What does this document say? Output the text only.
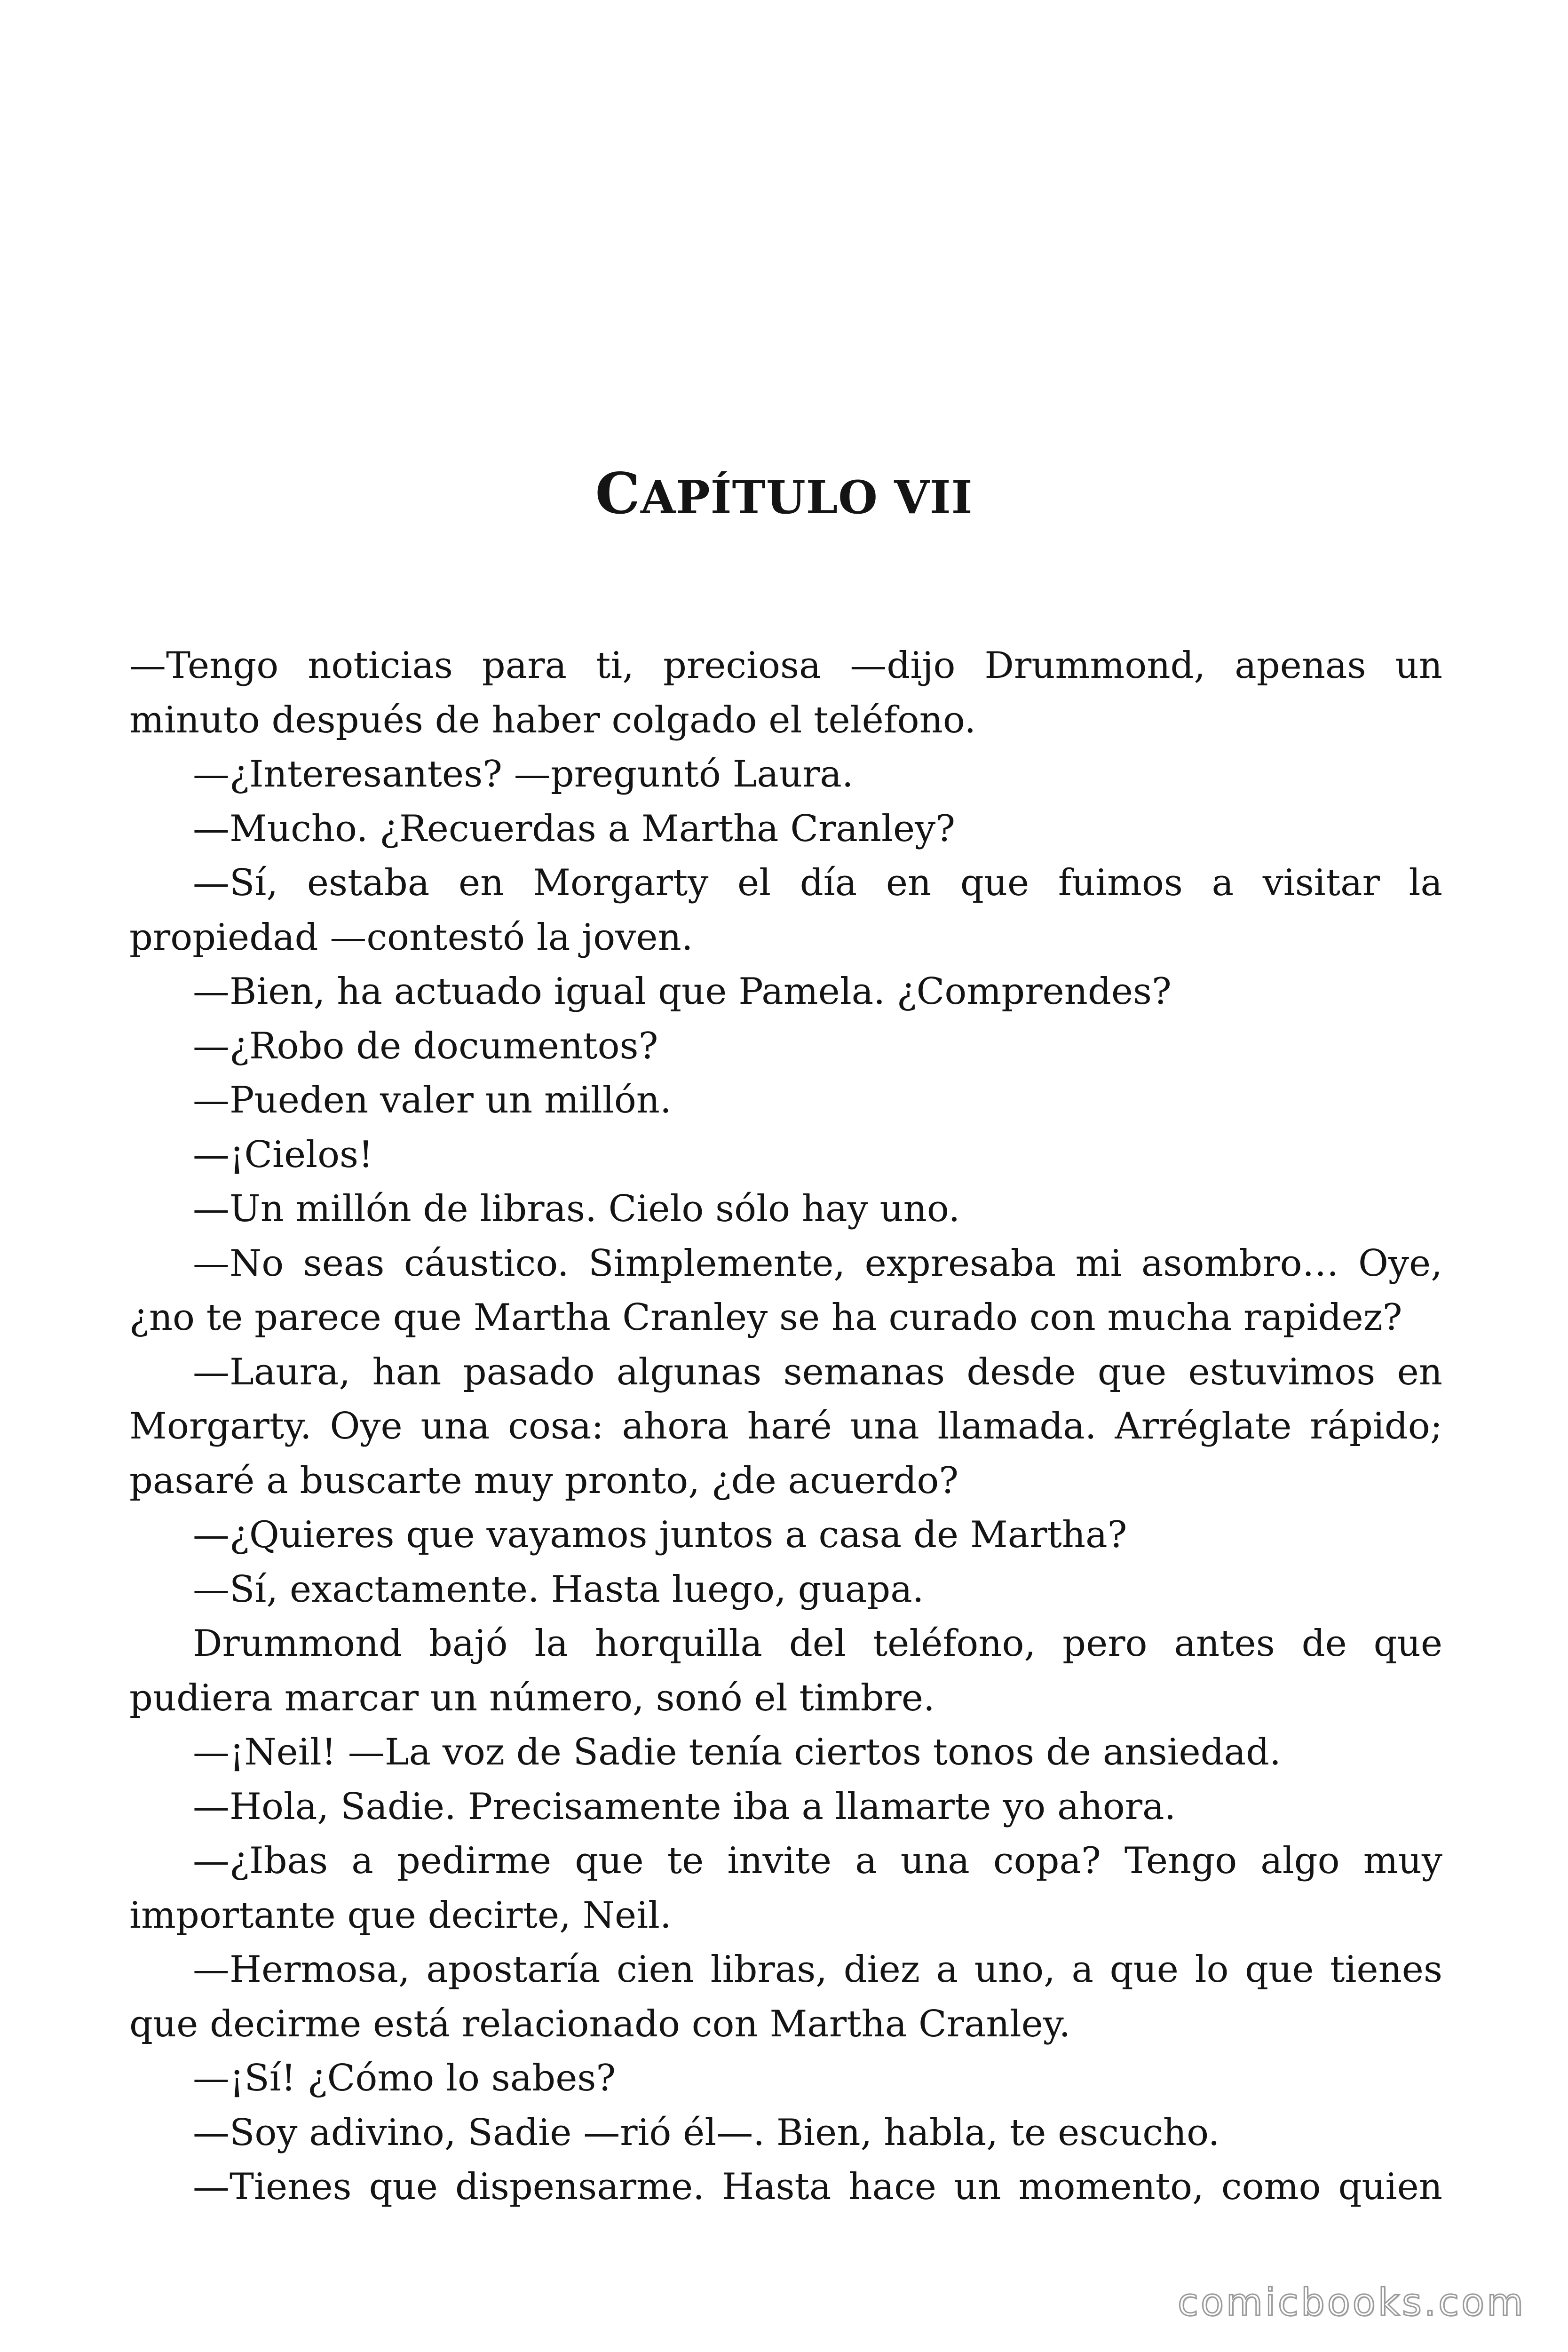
CAPÍTULO VII

—Tengo noticias para ti, preciosa —dijo Drummond, apenas un minuto después de haber colgado el teléfono.

—¿Interesantes? —preguntó Laura.

—Mucho. ¿Recuerdas a Martha Cranley?

—Sí, estaba en Morgarty el día en que fuimos a visitar la propiedad —contestó la joven.

—Bien, ha actuado igual que Pamela. ¿Comprendes?

—¿Robo de documentos?

—Pueden valer un millón.

—¡Cielos!

—Un millón de libras. Cielo sólo hay uno.

—No seas cáustico. Simplemente, expresaba mi asombro… Oye, ¿no te parece que Martha Cranley se ha curado con mucha rapidez?

—Laura, han pasado algunas semanas desde que estuvimos en Morgarty. Oye una cosa: ahora haré una llamada. Arréglate rápido; pasaré a buscarte muy pronto, ¿de acuerdo?

—¿Quieres que vayamos juntos a casa de Martha?

—Sí, exactamente. Hasta luego, guapa.

Drummond bajó la horquilla del teléfono, pero antes de que pudiera marcar un número, sonó el timbre.

—¡Neil! —La voz de Sadie tenía ciertos tonos de ansiedad.

—Hola, Sadie. Precisamente iba a llamarte yo ahora.

—¿Ibas a pedirme que te invite a una copa? Tengo algo muy importante que decirte, Neil.

—Hermosa, apostaría cien libras, diez a uno, a que lo que tienes que decirme está relacionado con Martha Cranley.

—¡Sí! ¿Cómo lo sabes?

—Soy adivino, Sadie —rió él—. Bien, habla, te escucho.

—Tienes que dispensarme. Hasta hace un momento, como quien

comicbooks.com
